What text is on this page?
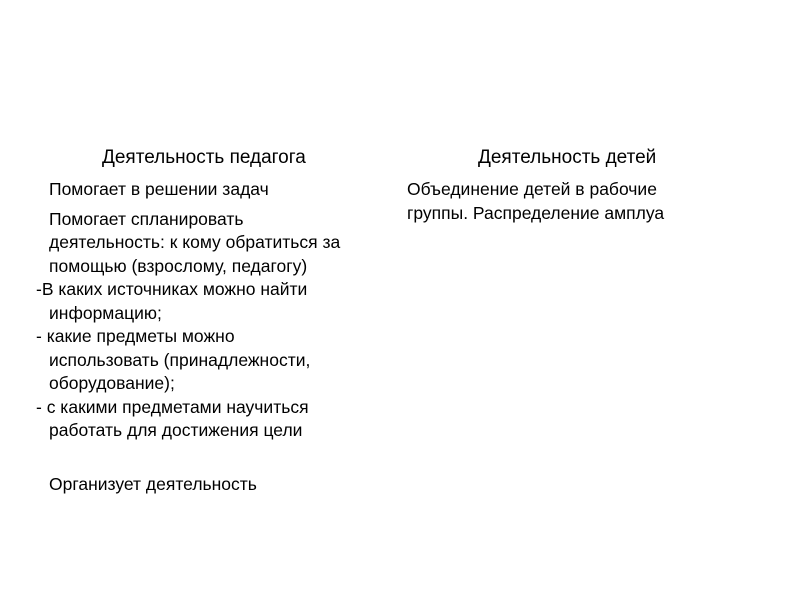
Деятельность педагога	Деятельность детей
Помогает в решении задач
Помогает спланировать
деятельность: к кому обратиться за
помощью (взрослому, педагогу)
-В каких источниках можно найти
информацию;
- какие предметы можно
использовать (принадлежности,
оборудование);
- с какими предметами научиться
работать для достижения цели
Организует деятельность
Объединение детей в рабочие
группы. Распределение амплуа
